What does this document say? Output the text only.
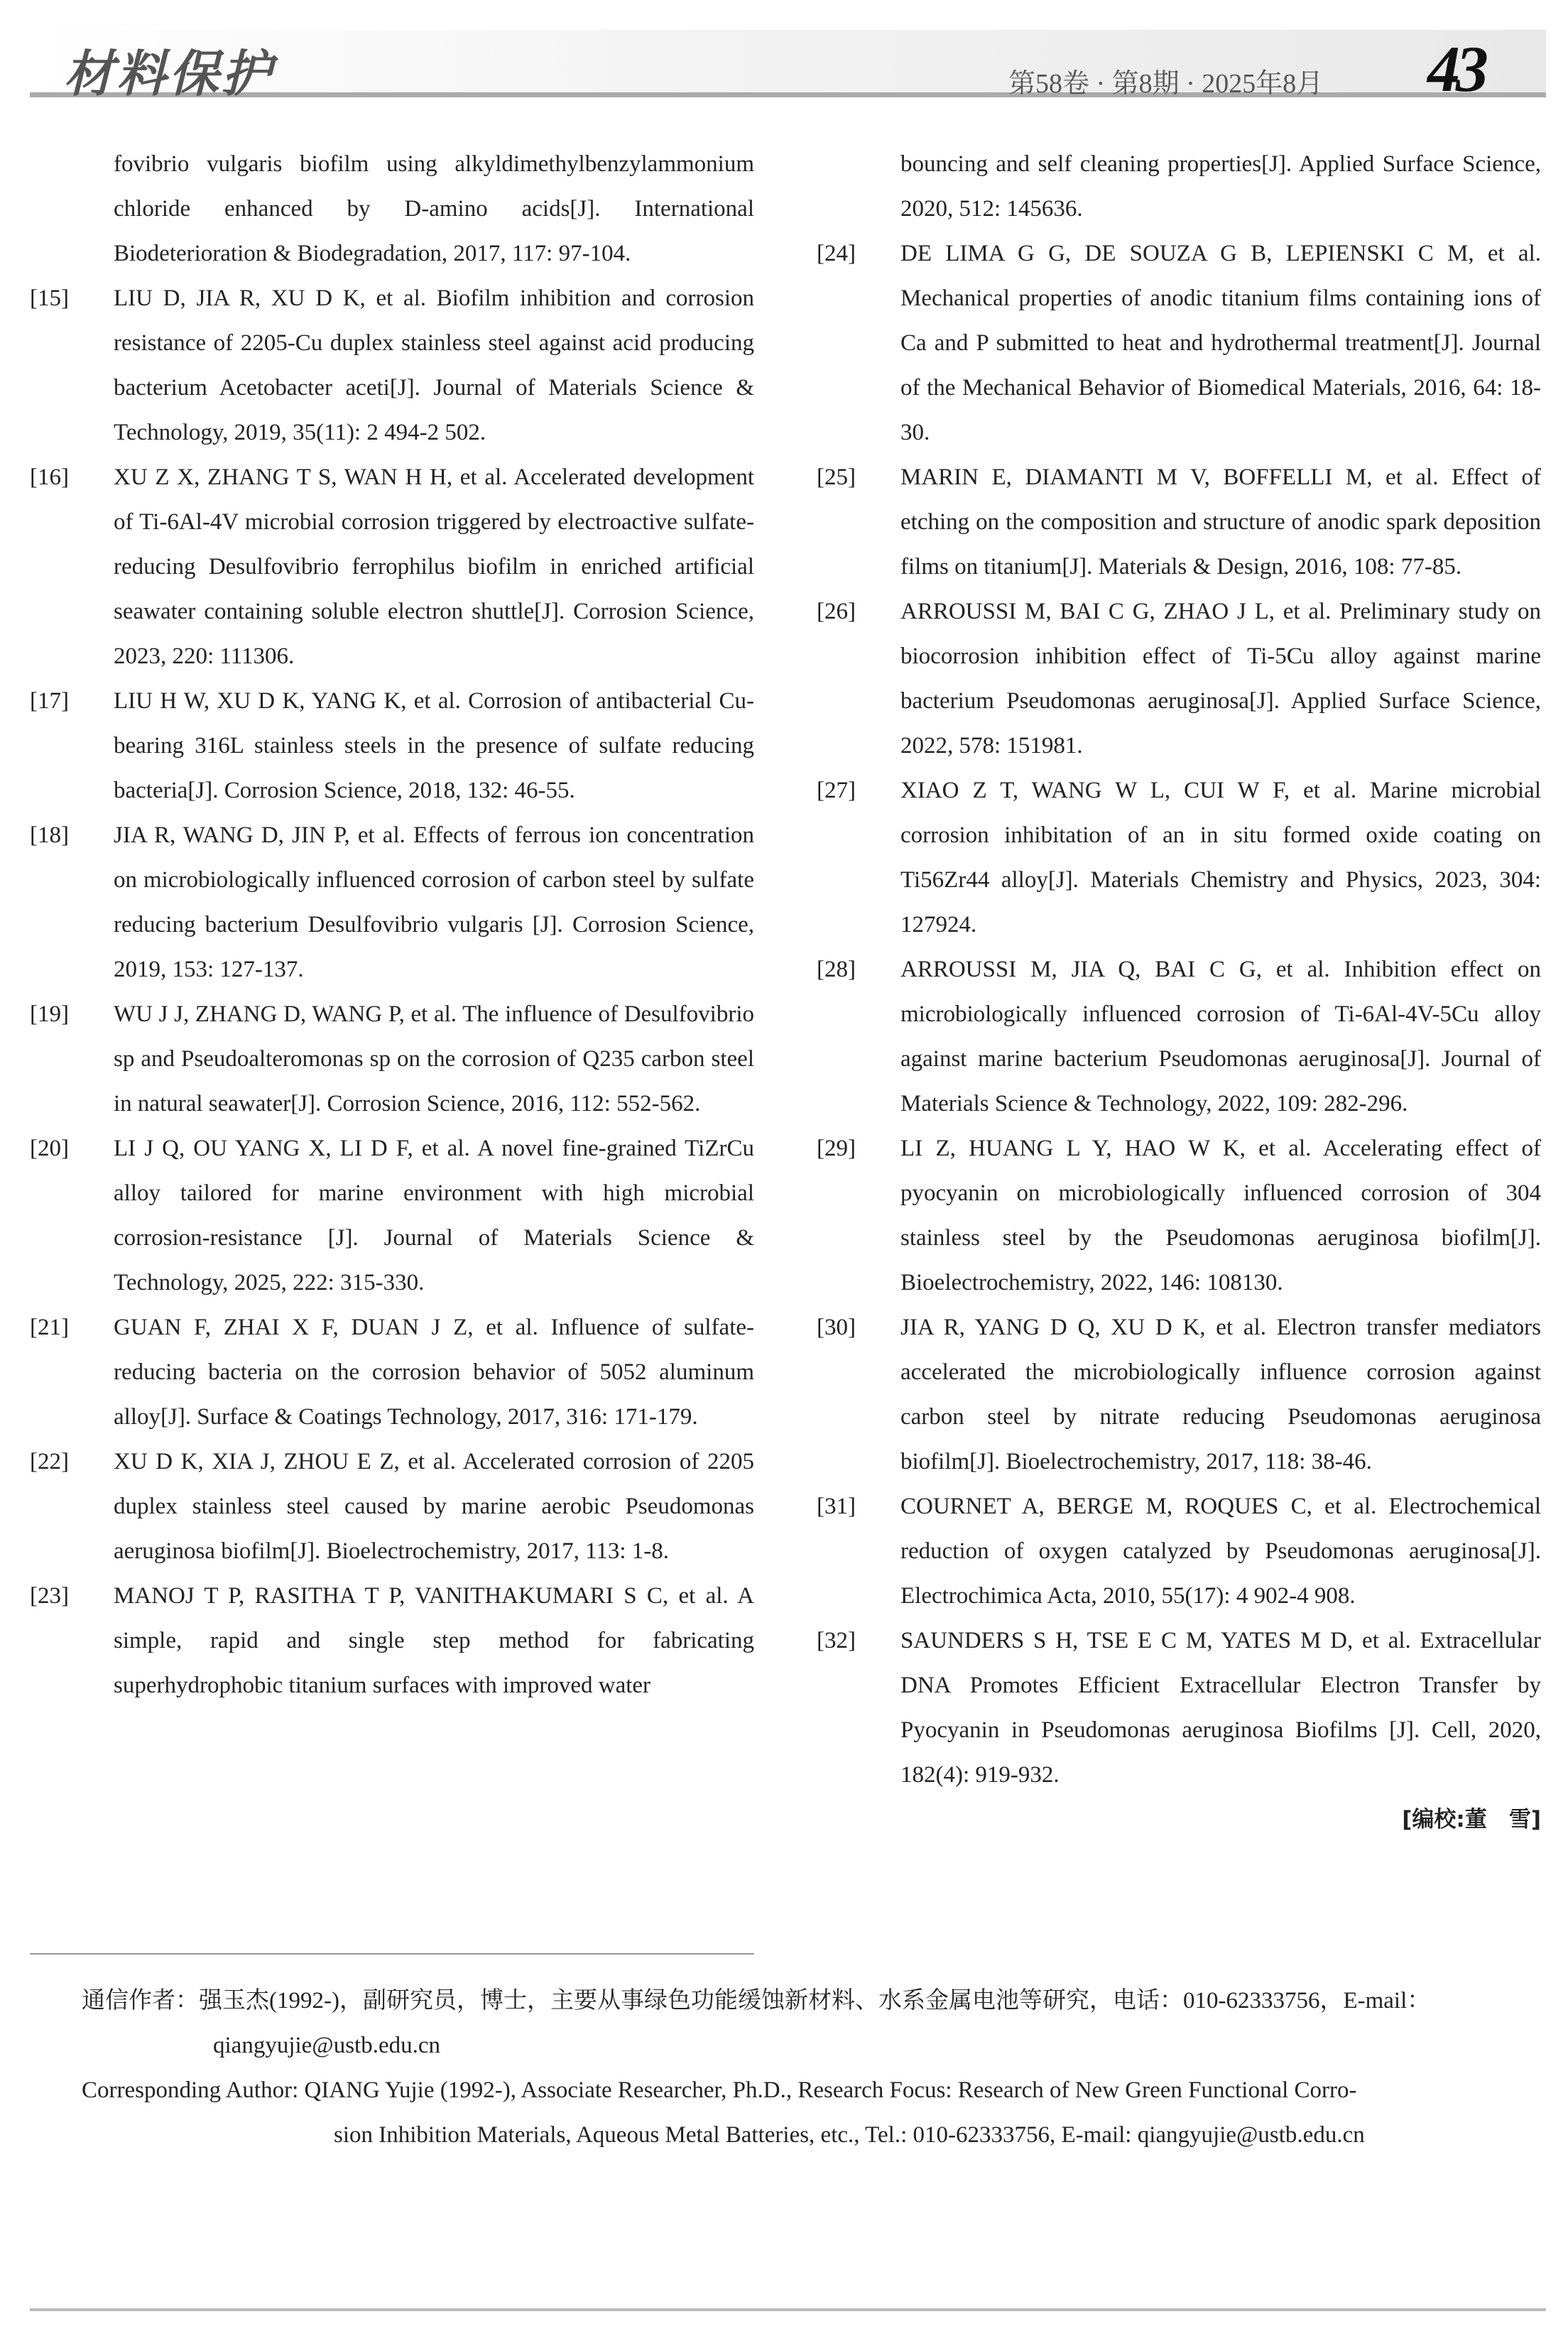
材料保护	第58卷 · 第8期 · 2025年8月 43
fovibrio vulgaris biofilm using alkyldimethylbenzylammonium chloride enhanced by D-amino acids[J]. International Biodeterioration & Biodegradation, 2017, 117: 97-104.
[15] LIU D, JIA R, XU D K, et al. Biofilm inhibition and corrosion resistance of 2205-Cu duplex stainless steel against acid producing bacterium Acetobacter aceti[J]. Journal of Materials Science & Technology, 2019, 35(11): 2 494-2 502.
[16] XU Z X, ZHANG T S, WAN H H, et al. Accelerated development of Ti-6Al-4V microbial corrosion triggered by electroactive sulfate-reducing Desulfovibrio ferrophilus biofilm in enriched artificial seawater containing soluble electron shuttle[J]. Corrosion Science, 2023, 220: 111306.
[17] LIU H W, XU D K, YANG K, et al. Corrosion of antibacterial Cu-bearing 316L stainless steels in the presence of sulfate reducing bacteria[J]. Corrosion Science, 2018, 132: 46-55.
[18] JIA R, WANG D, JIN P, et al. Effects of ferrous ion concentration on microbiologically influenced corrosion of carbon steel by sulfate reducing bacterium Desulfovibrio vulgaris [J]. Corrosion Science, 2019, 153: 127-137.
[19] WU J J, ZHANG D, WANG P, et al. The influence of Desulfovibrio sp and Pseudoalteromonas sp on the corrosion of Q235 carbon steel in natural seawater[J]. Corrosion Science, 2016, 112: 552-562.
[20] LI J Q, OU YANG X, LI D F, et al. A novel fine-grained TiZrCu alloy tailored for marine environment with high microbial corrosion-resistance [J]. Journal of Materials Science & Technology, 2025, 222: 315-330.
[21] GUAN F, ZHAI X F, DUAN J Z, et al. Influence of sulfate-reducing bacteria on the corrosion behavior of 5052 aluminum alloy[J]. Surface & Coatings Technology, 2017, 316: 171-179.
[22] XU D K, XIA J, ZHOU E Z, et al. Accelerated corrosion of 2205 duplex stainless steel caused by marine aerobic Pseudomonas aeruginosa biofilm[J]. Bioelectrochemistry, 2017, 113: 1-8.
[23] MANOJ T P, RASITHA T P, VANITHAKUMARI S C, et al. A simple, rapid and single step method for fabricating superhydrophobic titanium surfaces with improved water
bouncing and self cleaning properties[J]. Applied Surface Science, 2020, 512: 145636.
[24] DE LIMA G G, DE SOUZA G B, LEPIENSKI C M, et al. Mechanical properties of anodic titanium films containing ions of Ca and P submitted to heat and hydrothermal treatment[J]. Journal of the Mechanical Behavior of Biomedical Materials, 2016, 64: 18-30.
[25] MARIN E, DIAMANTI M V, BOFFELLI M, et al. Effect of etching on the composition and structure of anodic spark deposition films on titanium[J]. Materials & Design, 2016, 108: 77-85.
[26] ARROUSSI M, BAI C G, ZHAO J L, et al. Preliminary study on biocorrosion inhibition effect of Ti-5Cu alloy against marine bacterium Pseudomonas aeruginosa[J]. Applied Surface Science, 2022, 578: 151981.
[27] XIAO Z T, WANG W L, CUI W F, et al. Marine microbial corrosion inhibitation of an in situ formed oxide coating on Ti56Zr44 alloy[J]. Materials Chemistry and Physics, 2023, 304: 127924.
[28] ARROUSSI M, JIA Q, BAI C G, et al. Inhibition effect on microbiologically influenced corrosion of Ti-6Al-4V-5Cu alloy against marine bacterium Pseudomonas aeruginosa[J]. Journal of Materials Science & Technology, 2022, 109: 282-296.
[29] LI Z, HUANG L Y, HAO W K, et al. Accelerating effect of pyocyanin on microbiologically influenced corrosion of 304 stainless steel by the Pseudomonas aeruginosa biofilm[J]. Bioelectrochemistry, 2022, 146: 108130.
[30] JIA R, YANG D Q, XU D K, et al. Electron transfer mediators accelerated the microbiologically influence corrosion against carbon steel by nitrate reducing Pseudomonas aeruginosa biofilm[J]. Bioelectrochemistry, 2017, 118: 38-46.
[31] COURNET A, BERGE M, ROQUES C, et al. Electrochemical reduction of oxygen catalyzed by Pseudomonas aeruginosa[J]. Electrochimica Acta, 2010, 55(17): 4 902-4 908.
[32] SAUNDERS S H, TSE E C M, YATES M D, et al. Extracellular DNA Promotes Efficient Extracellular Electron Transfer by Pyocyanin in Pseudomonas aeruginosa Biofilms [J]. Cell, 2020, 182(4): 919-932.
[编校:董　雪]
通信作者：强玉杰(1992-)，副研究员，博士，主要从事绿色功能缓蚀新材料、水系金属电池等研究，电话：010-62333756，E-mail：
qiangyujie@ustb.edu.cn
Corresponding Author: QIANG Yujie (1992-), Associate Researcher, Ph.D., Research Focus: Research of New Green Functional Corro-
sion Inhibition Materials, Aqueous Metal Batteries, etc., Tel.: 010-62333756, E-mail: qiangyujie@ustb.edu.cn
